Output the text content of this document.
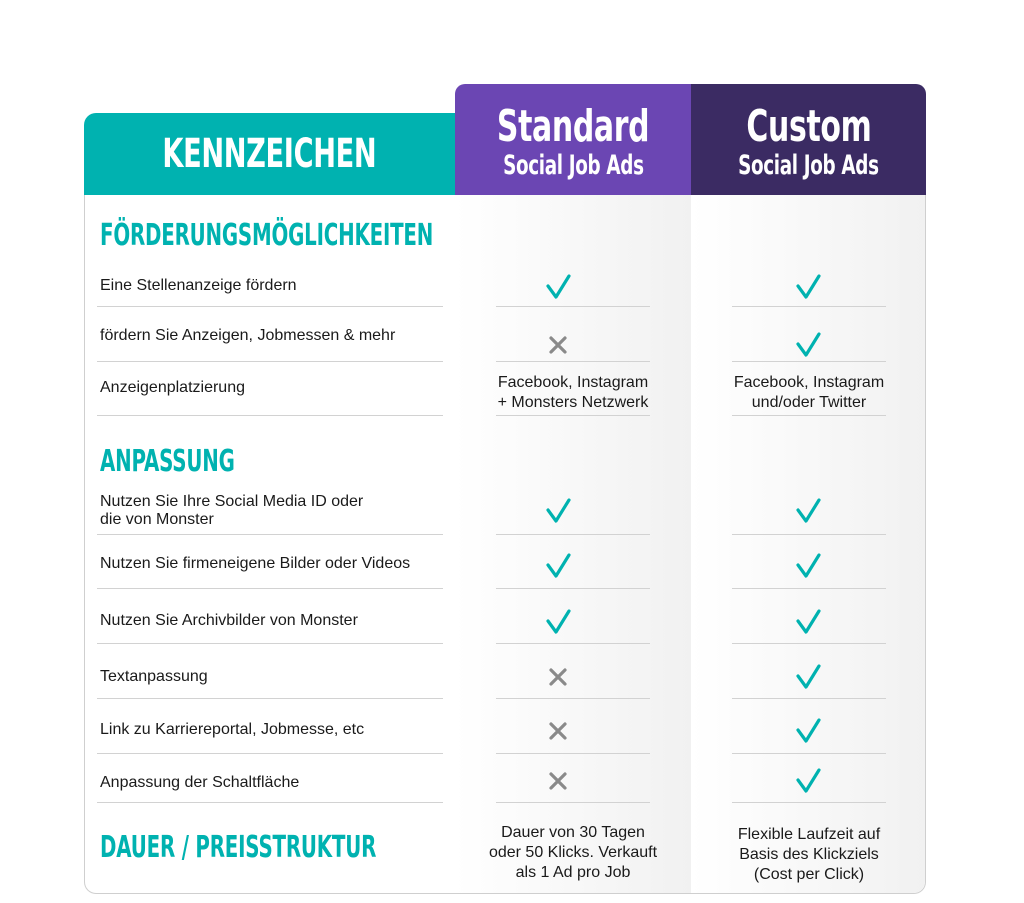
KENNZEICHEN
Standard
Social Job Ads
Custom
Social Job Ads
FÖRDERUNGSMÖGLICHKEITEN
ANPASSUNG
DAUER / PREISSTRUKTUR
Eine Stellenanzeige fördern
fördern Sie Anzeigen, Jobmessen & mehr
Anzeigenplatzierung
Nutzen Sie Ihre Social Media ID oder
die von Monster
Nutzen Sie firmeneigene Bilder oder Videos
Nutzen Sie Archivbilder von Monster
Textanpassung
Link zu Karriereportal, Jobmesse, etc
Anpassung der Schaltfläche
Facebook, Instagram
+ Monsters Netzwerk
Facebook, Instagram
und/oder Twitter
Dauer von 30 Tagen
oder 50 Klicks. Verkauft
als 1 Ad pro Job
Flexible Laufzeit auf
Basis des Klickziels
(Cost per Click)
